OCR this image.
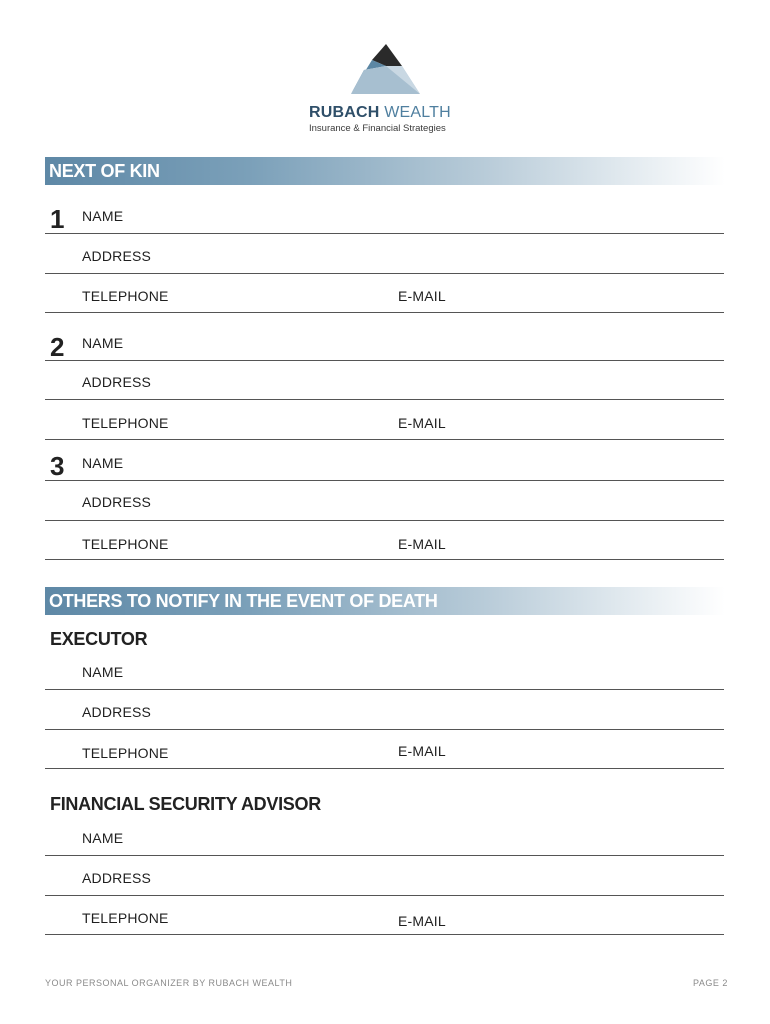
RUBACH WEALTH
Insurance & Financial Strategies
NEXT OF KIN
1 NAME
ADDRESS
TELEPHONE	E-MAIL
2 NAME
ADDRESS
TELEPHONE	E-MAIL
3 NAME
ADDRESS
TELEPHONE	E-MAIL
OTHERS TO NOTIFY IN THE EVENT OF DEATH
EXECUTOR
NAME
ADDRESS
TELEPHONE	E-MAIL
FINANCIAL SECURITY ADVISOR
NAME
ADDRESS
TELEPHONE	E-MAIL
YOUR PERSONAL ORGANIZER BY RUBACH WEALTH	PAGE 2
